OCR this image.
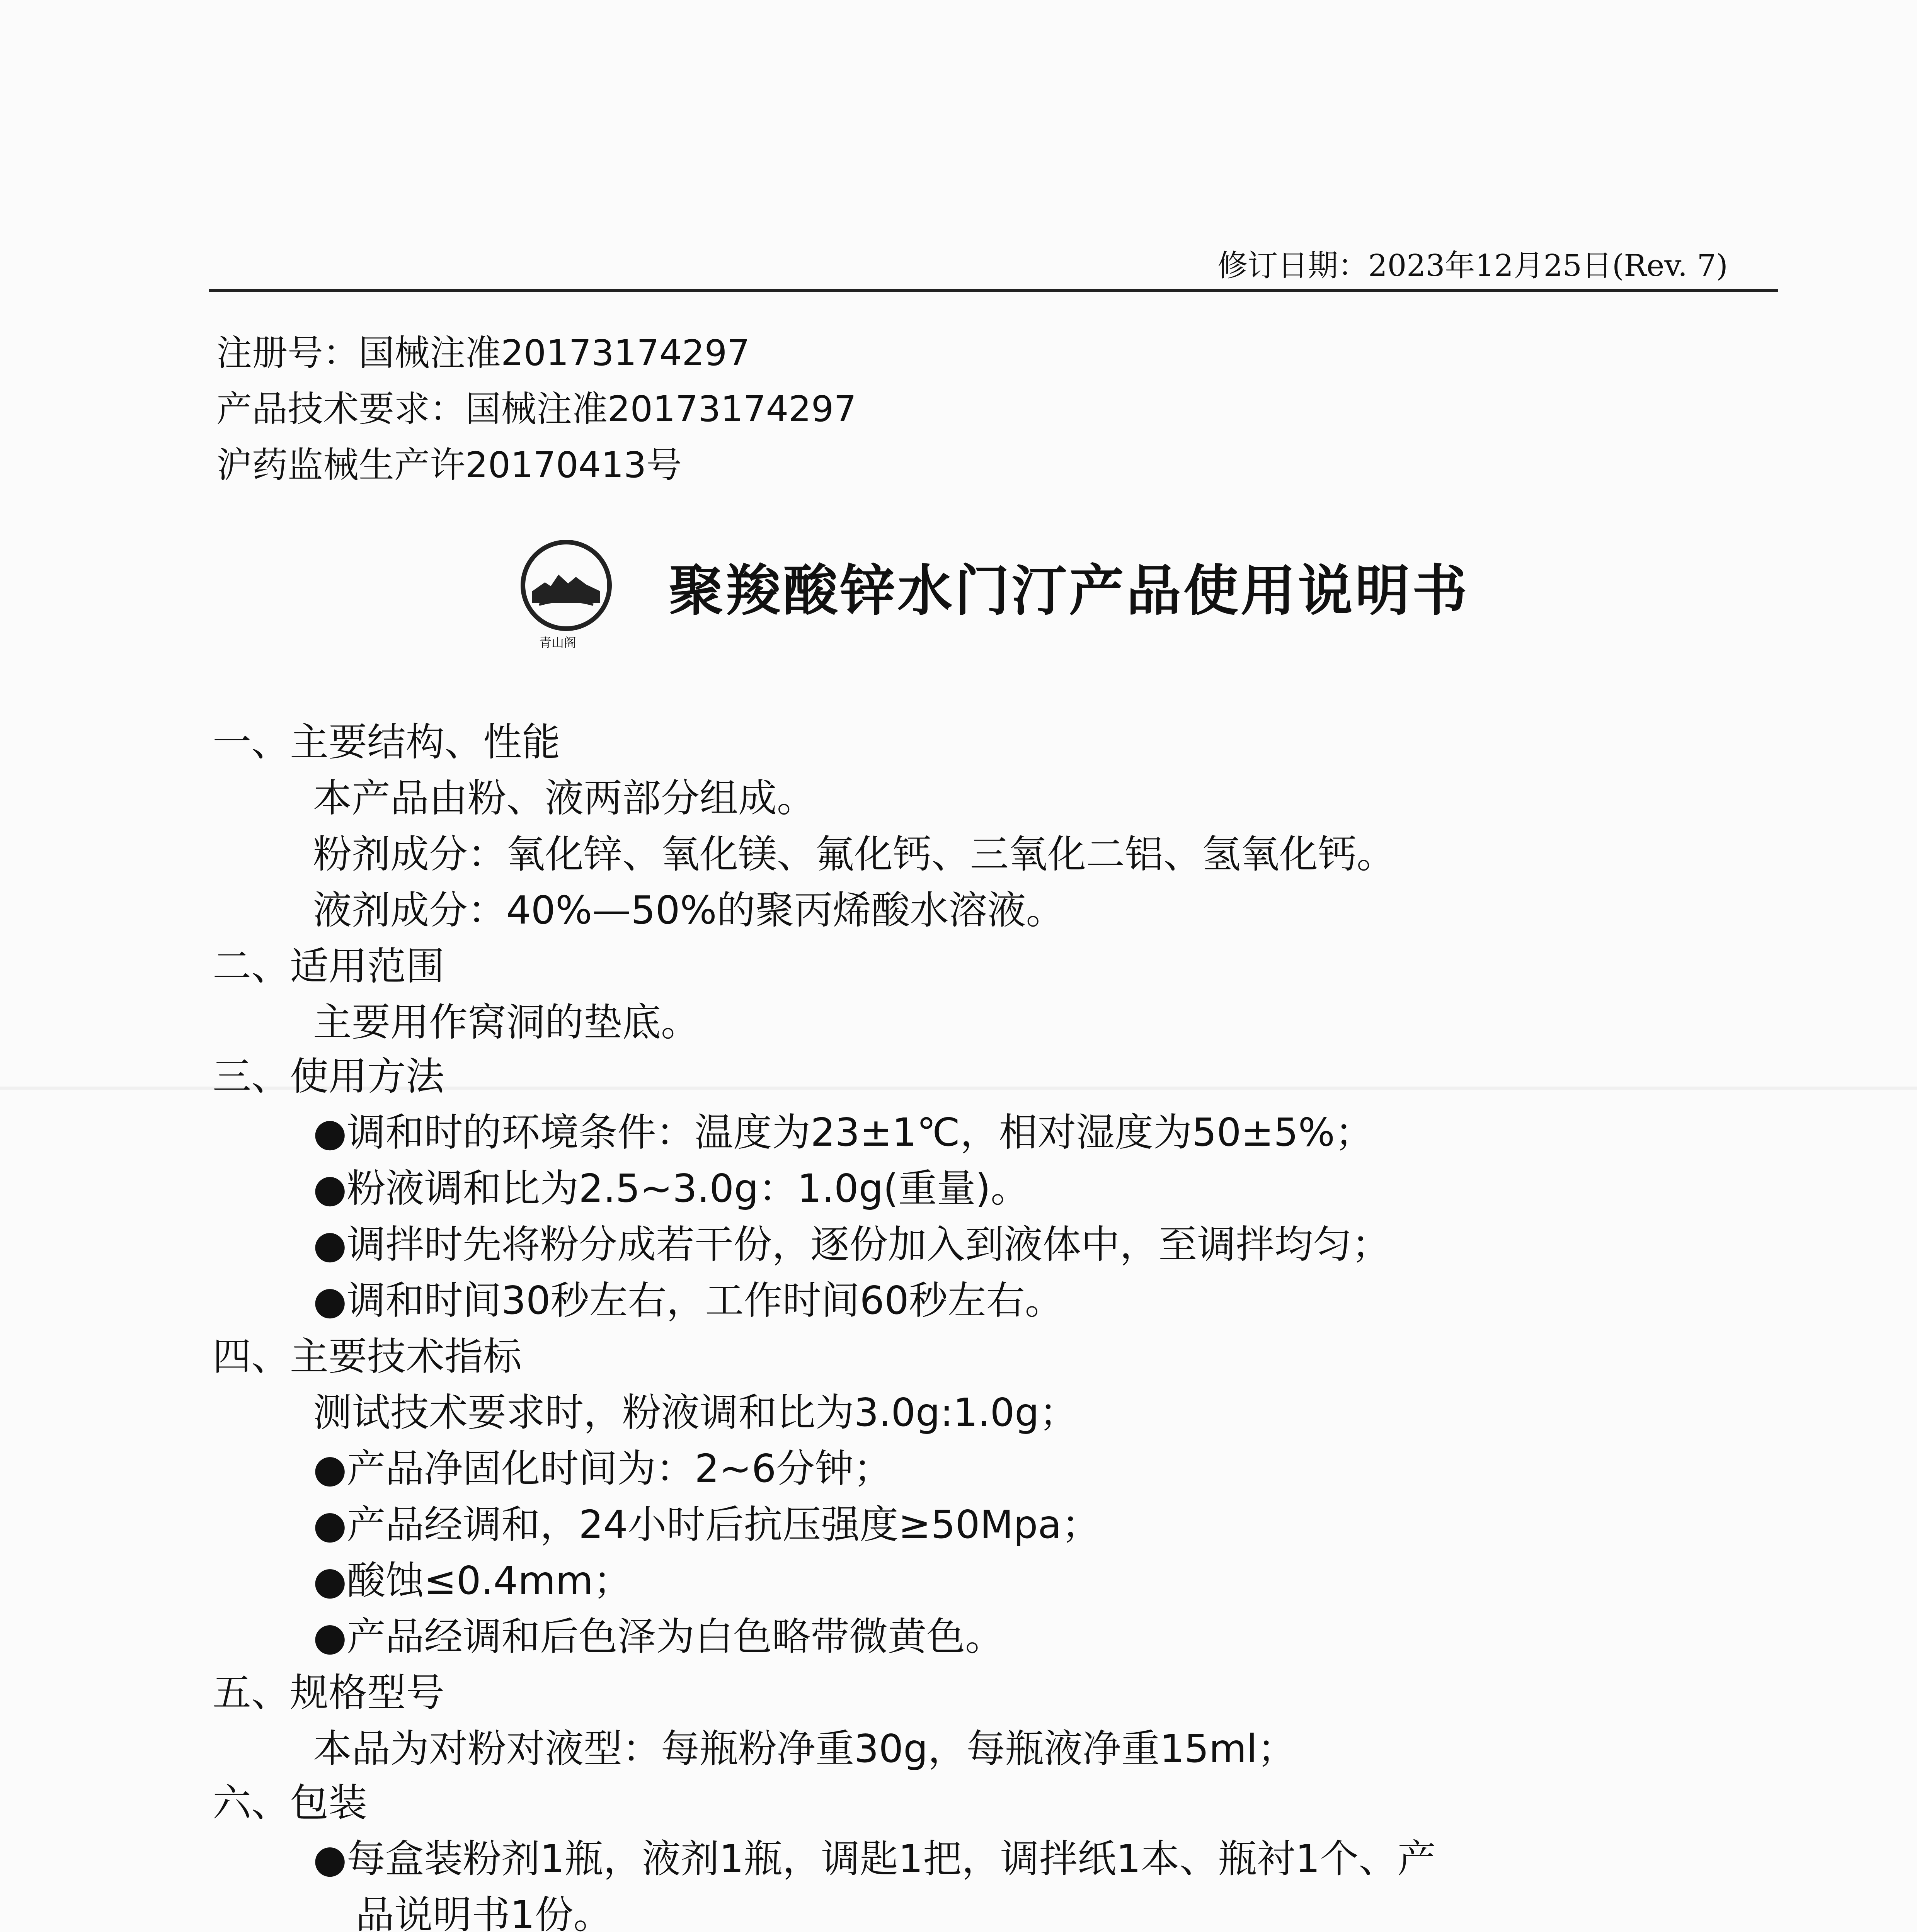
修订日期：2023年12月25日(Rev. 7)
注册号：国械注准20173174297
产品技术要求：国械注准20173174297
沪药监械生产许20170413号
青山阁
聚羧酸锌水门汀产品使用说明书
一、主要结构、性能
本产品由粉、液两部分组成。
粉剂成分：氧化锌、氧化镁、氟化钙、三氧化二铝、氢氧化钙。
液剂成分：40%—50%的聚丙烯酸水溶液。
二、适用范围
主要用作窝洞的垫底。
三、使用方法
●调和时的环境条件：温度为23±1℃，相对湿度为50±5%；
●粉液调和比为2.5~3.0g：1.0g(重量)。
●调拌时先将粉分成若干份，逐份加入到液体中，至调拌均匀；
●调和时间30秒左右，工作时间60秒左右。
四、主要技术指标
测试技术要求时，粉液调和比为3.0g:1.0g；
●产品净固化时间为：2~6分钟；
●产品经调和，24小时后抗压强度≥50Mpa；
●酸蚀≤0.4mm；
●产品经调和后色泽为白色略带微黄色。
五、规格型号
本品为对粉对液型：每瓶粉净重30g，每瓶液净重15ml；
六、包装
●每盒装粉剂1瓶，液剂1瓶，调匙1把，调拌纸1本、瓶衬1个、产
品说明书1份。
